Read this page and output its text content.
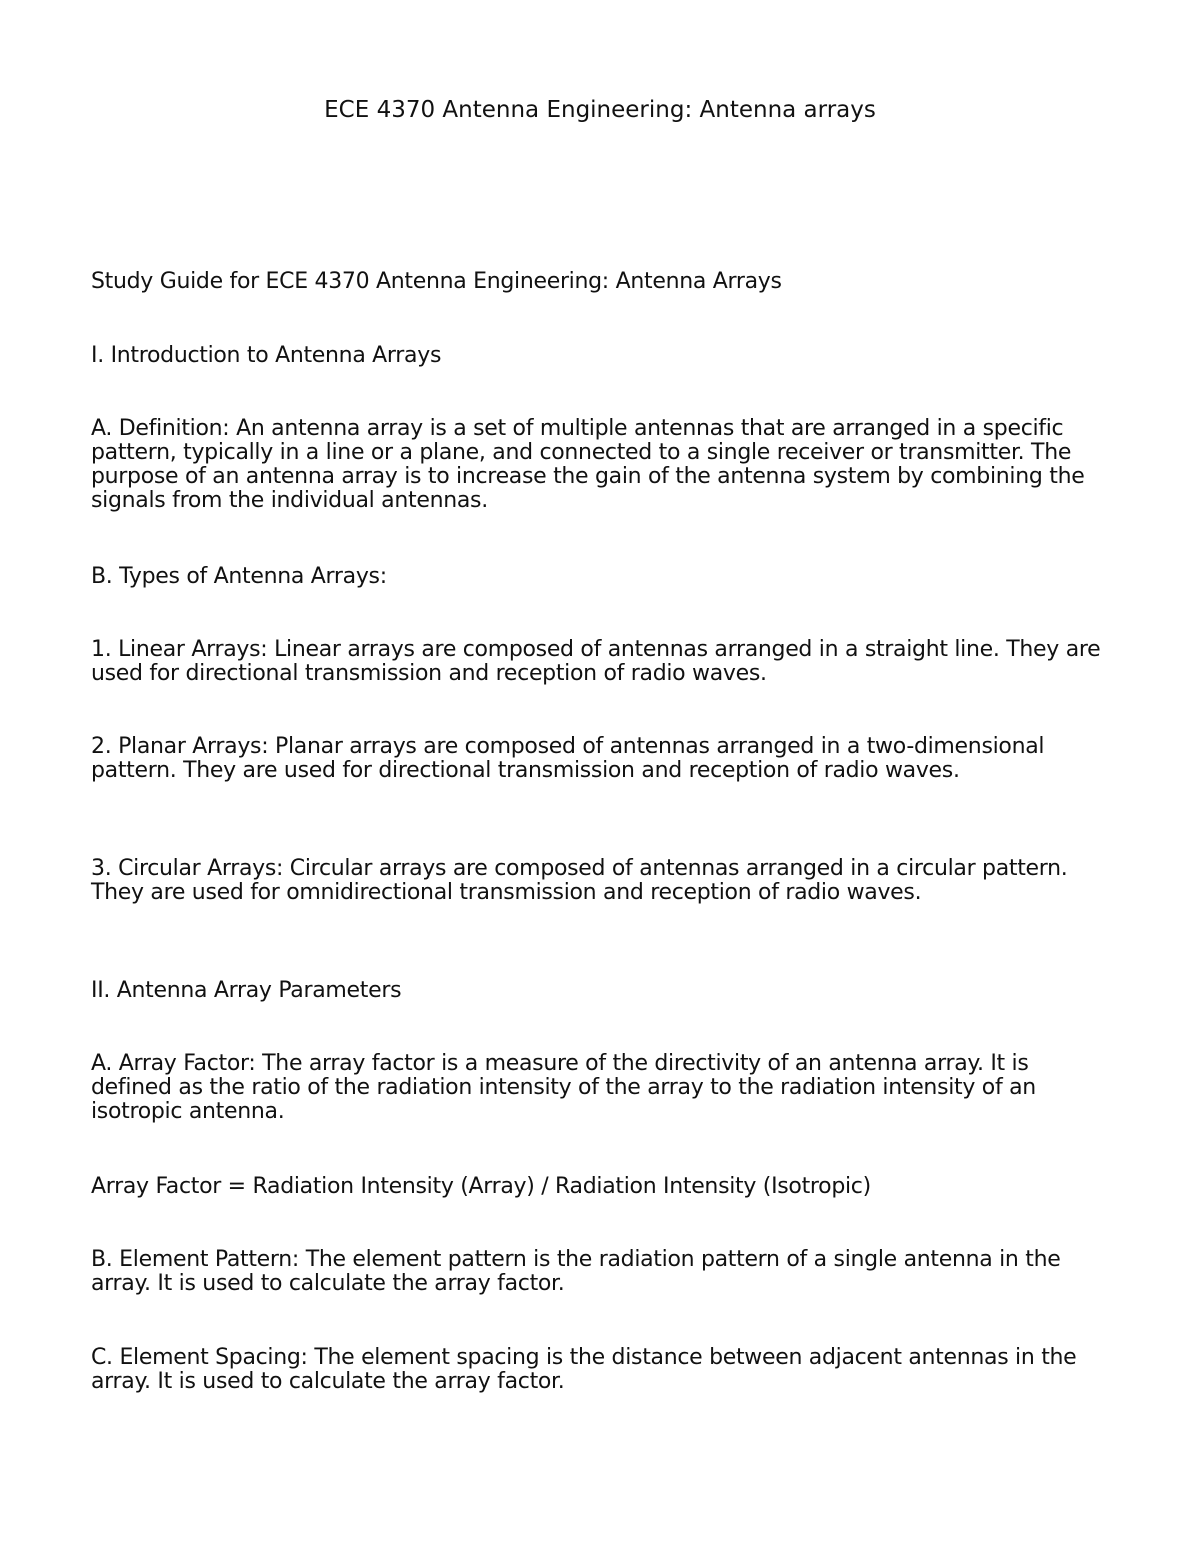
ECE 4370 Antenna Engineering: Antenna arrays

Study Guide for ECE 4370 Antenna Engineering: Antenna Arrays

I. Introduction to Antenna Arrays

A. Definition: An antenna array is a set of multiple antennas that are arranged in a specific pattern, typically in a line or a plane, and connected to a single receiver or transmitter. The purpose of an antenna array is to increase the gain of the antenna system by combining the signals from the individual antennas.

B. Types of Antenna Arrays:

1. Linear Arrays: Linear arrays are composed of antennas arranged in a straight line. They are used for directional transmission and reception of radio waves.

2. Planar Arrays: Planar arrays are composed of antennas arranged in a two-dimensional pattern. They are used for directional transmission and reception of radio waves.

3. Circular Arrays: Circular arrays are composed of antennas arranged in a circular pattern. They are used for omnidirectional transmission and reception of radio waves.

II. Antenna Array Parameters

A. Array Factor: The array factor is a measure of the directivity of an antenna array. It is defined as the ratio of the radiation intensity of the array to the radiation intensity of an isotropic antenna.

Array Factor = Radiation Intensity (Array) / Radiation Intensity (Isotropic)

B. Element Pattern: The element pattern is the radiation pattern of a single antenna in the array. It is used to calculate the array factor.

C. Element Spacing: The element spacing is the distance between adjacent antennas in the array. It is used to calculate the array factor.
